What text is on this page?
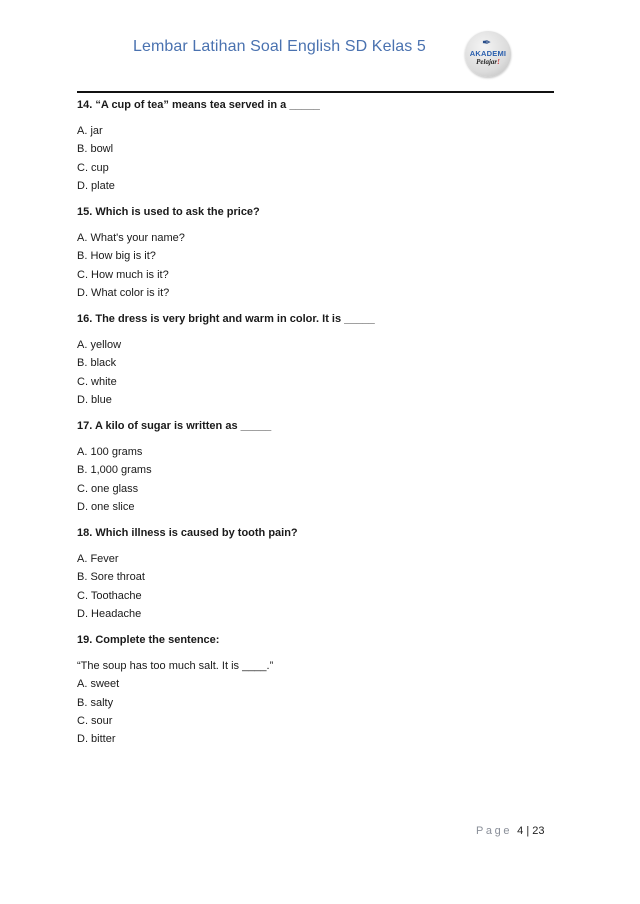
Lembar Latihan Soal English SD Kelas 5	✒
AKADEMI
Pelajar!

14. “A cup of tea” means tea served in a _____

A. jar

B. bowl

C. cup

D. plate

15. Which is used to ask the price?

A. What's your name?

B. How big is it?

C. How much is it?

D. What color is it?

16. The dress is very bright and warm in color. It is _____

A. yellow

B. black

C. white

D. blue

17. A kilo of sugar is written as _____

A. 100 grams

B. 1,000 grams

C. one glass

D. one slice

18. Which illness is caused by tooth pain?

A. Fever

B. Sore throat

C. Toothache

D. Headache

19. Complete the sentence:

“The soup has too much salt. It is ____.”

A. sweet

B. salty

C. sour

D. bitter

Page 4 | 23
